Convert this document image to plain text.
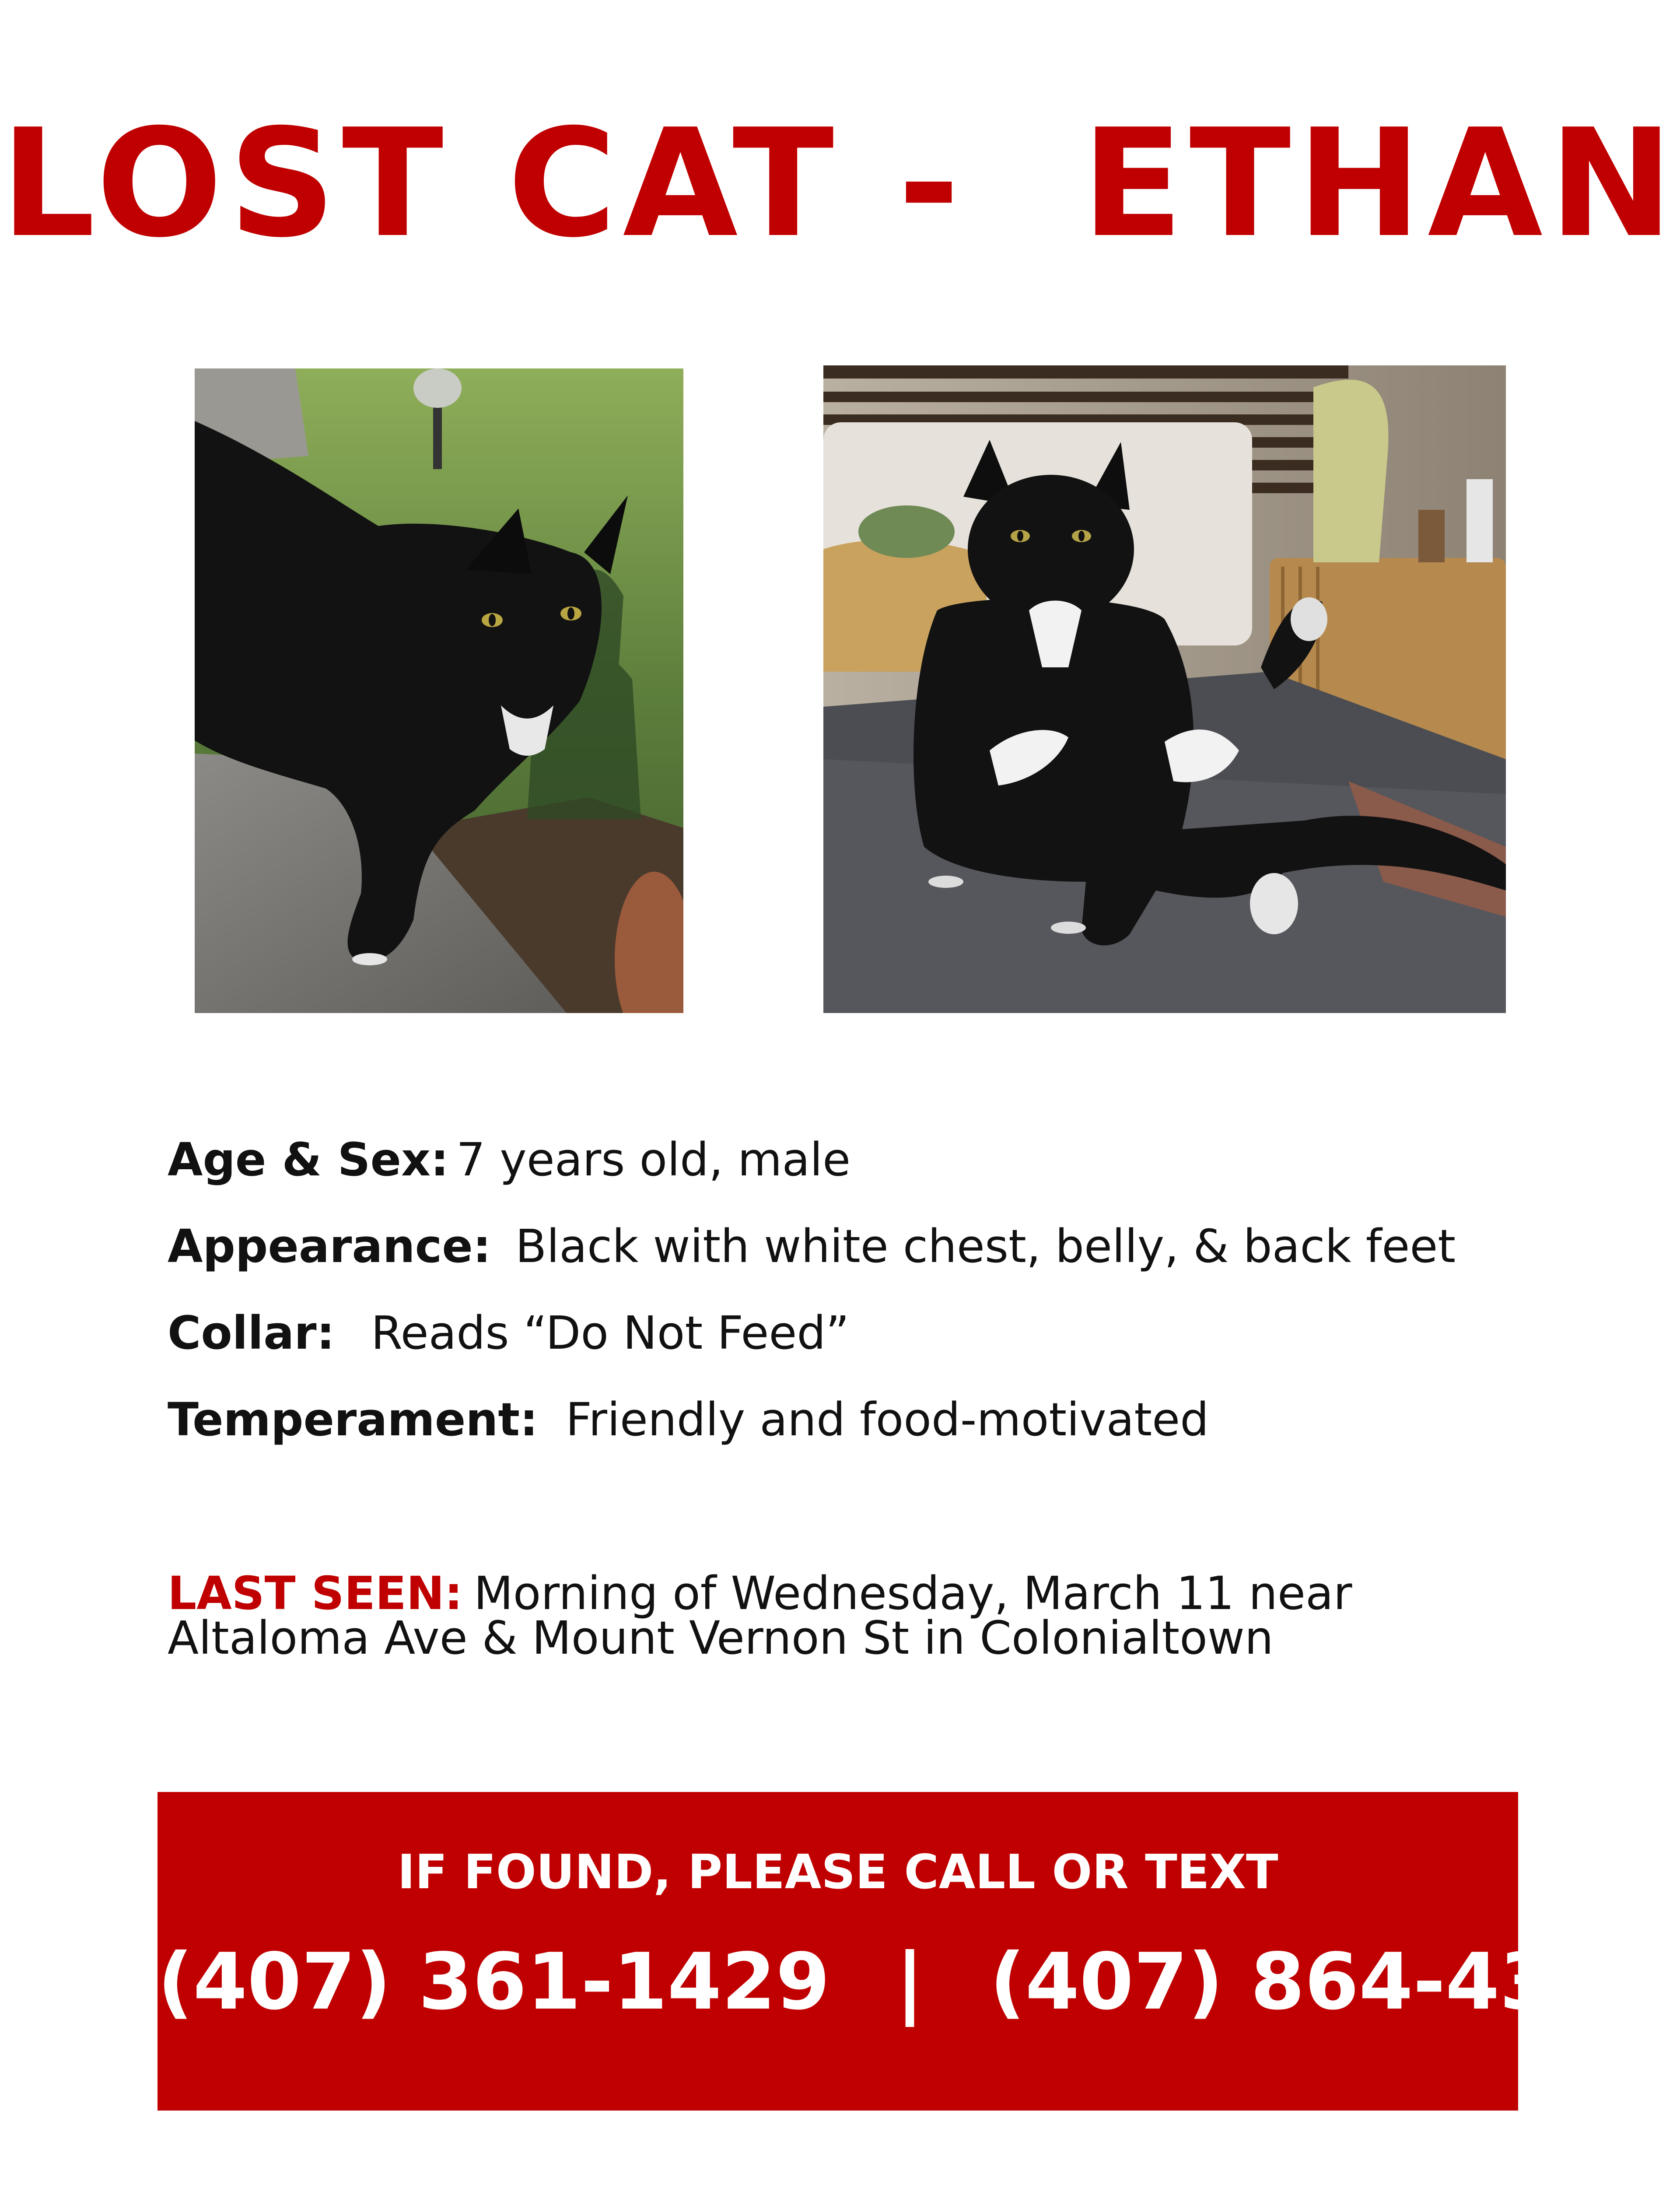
LOST CAT -  ETHAN
Age & Sex: 7 years old, male
Appearance: Black with white chest, belly, & back feet
Collar: Reads “Do Not Feed”
Temperament: Friendly and food-motivated
LAST SEEN: Morning of Wednesday, March 11 near
Altaloma Ave & Mount Vernon St in Colonialtown
IF FOUND, PLEASE CALL OR TEXT
(407) 361-1429 | (407) 864-4373
